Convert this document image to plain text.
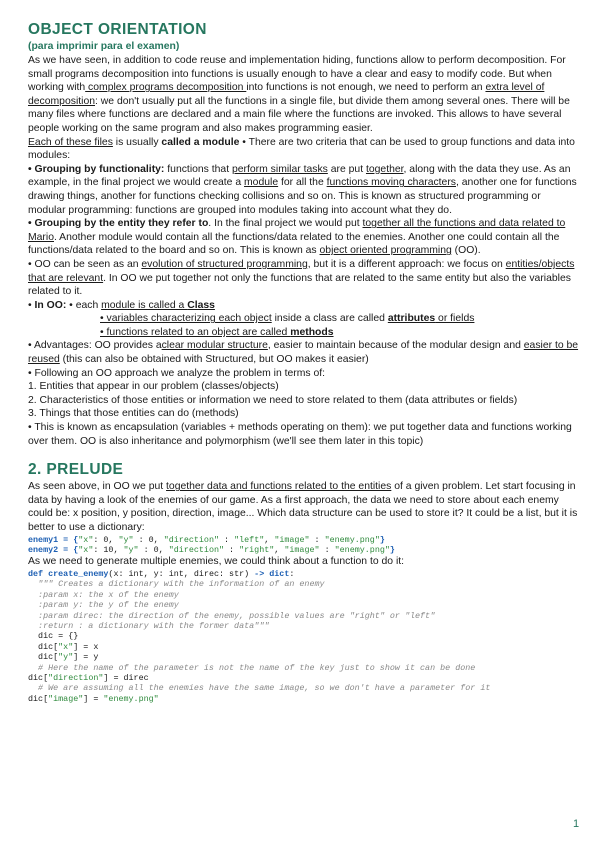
OBJECT ORIENTATION
(para imprimir para el examen)

As we have seen, in addition to code reuse and implementation hiding, functions allow to perform decomposition. For small programs decomposition into functions is usually enough to have a clear and easy to modify code. But when working with complex programs decomposition into functions is not enough, we need to perform an extra level of decomposition: we don't usually put all the functions in a single file, but divide them among several ones. There will be many files where functions are declared and a main file where the functions are invoked. This allows to have several people working on the same program and also makes programming easier.

Each of these files is usually called a module • There are two criteria that can be used to group functions and data into modules:

• Grouping by functionality: functions that perform similar tasks are put together, along with the data they use. As an example, in the final project we would create a module for all the functions moving characters, another one for functions drawing things, another for functions checking collisions and so on. This is known as structured programming or modular programming: functions are grouped into modules taking into account what they do.

• Grouping by the entity they refer to. In the final project we would put together all the functions and data related to Mario. Another module would contain all the functions/data related to the enemies. Another one could contain all the functions/data related to the board and so on. This is known as object oriented programming (OO).

• OO can be seen as an evolution of structured programming, but it is a different approach: we focus on entities/objects that are relevant. In OO we put together not only the functions that are related to the same entity but also the variables related to it.

• In OO: • each module is called a Class

• variables characterizing each object inside a class are called attributes or fields

• functions related to an object are called methods

• Advantages: OO provides aclear modular structure, easier to maintain because of the modular design and easier to be reused (this can also be obtained with Structured, but OO makes it easier)

• Following an OO approach we analyze the problem in terms of:

1. Entities that appear in our problem (classes/objects)

2. Characteristics of those entities or information we need to store related to them (data attributes or fields)

3. Things that those entities can do (methods)

• This is known as encapsulation (variables + methods operating on them): we put together data and functions working over them. OO is also inheritance and polymorphism (we'll see them later in this topic)

2. PRELUDE

As seen above, in OO we put together data and functions related to the entities of a given problem. Let start focusing in data by having a look of the enemies of our game. As a first approach, the data we need to store about each enemy could be: x position, y position, direction, image... Which data structure can be used to store it? It could be a list, but it is better to use a dictionary:

enemy1 = {"x": 0, "y" : 0, "direction" : "left", "image" : "enemy.png"}
enemy2 = {"x": 10, "y" : 0, "direction" : "right", "image" : "enemy.png"}

As we need to generate multiple enemies, we could think about a function to do it:

def create_enemy(x: int, y: int, direc: str) -> dict:
""" Creates a dictionary with the information of an enemy
:param x: the x of the enemy
:param y: the y of the enemy
:param direc: the direction of the enemy, possible values are "right" or "left"
:return : a dictionary with the former data"""
dic = {}
dic["x"] = x
dic["y"] = y
# Here the name of the parameter is not the name of the key just to show it can be done
dic["direction"] = direc
# We are assuming all the enemies have the same image, so we don't have a parameter for it
dic["image"] = "enemy.png"
1
